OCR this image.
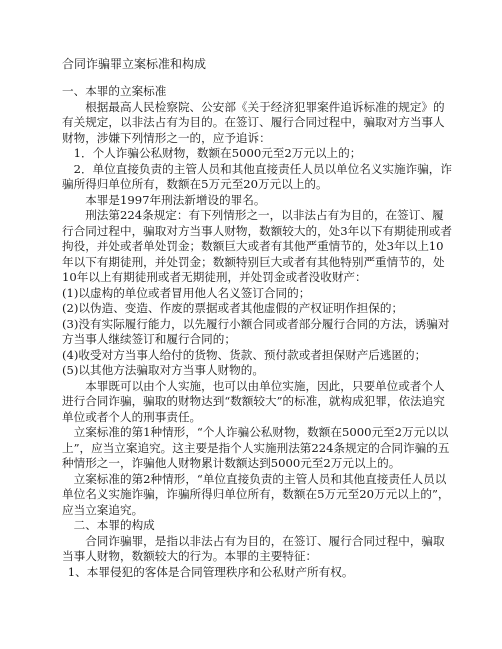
合同诈骗罪立案标准和构成

一、本罪的立案标准

根据最高人民检察院、公安部《关于经济犯罪案件追诉标准的规定》的有关规定，以非法占有为目的。在签订、履行合同过程中，骗取对方当事人财物，涉嫌下列情形之一的，应予追诉：

1．个人诈骗公私财物，数额在5000元至2万元以上的；

2．单位直接负责的主管人员和其他直接责任人员以单位名义实施诈骗，诈骗所得归单位所有，数额在5万元至20万元以上的。

本罪是1997年刑法新增设的罪名。

刑法第224条规定：有下列情形之一，以非法占有为目的，在签订、履行合同过程中，骗取对方当事人财物，数额较大的，处3年以下有期徒刑或者拘役，并处或者单处罚金；数额巨大或者有其他严重情节的，处3年以上10年以下有期徒刑，并处罚金；数额特别巨大或者有其他特别严重情节的，处10年以上有期徒刑或者无期徒刑，并处罚金或者没收财产：

(1)以虚构的单位或者冒用他人名义签订合同的；

(2)以伪造、变造、作废的票据或者其他虚假的产权证明作担保的；

(3)没有实际履行能力，以先履行小额合同或者部分履行合同的方法，诱骗对方当事人继续签订和履行合同的；

(4)收受对方当事人给付的货物、货款、预付款或者担保财产后逃匿的；

(5)以其他方法骗取对方当事人财物的。

本罪既可以由个人实施，也可以由单位实施，因此，只要单位或者个人进行合同诈骗，骗取的财物达到“数额较大”的标准，就构成犯罪，依法追究单位或者个人的刑事责任。

立案标准的第1种情形，“个人诈骗公私财物，数额在5000元至2万元以以上”，应当立案追究。这主要是指个人实施刑法第224条规定的合同诈骗的五种情形之一，诈骗他人财物累计数额达到5000元至2万元以上的。

立案标准的第2种情形，“单位直接负责的主管人员和其他直接责任人员以单位名义实施诈骗，诈骗所得归单位所有，数额在5万元至20万元以上的”，应当立案追究。

二、本罪的构成

合同诈骗罪，是指以非法占有为目的，在签订、履行合同过程中，骗取当事人财物，数额较大的行为。本罪的主要特征：

1、本罪侵犯的客体是合同管理秩序和公私财产所有权。
